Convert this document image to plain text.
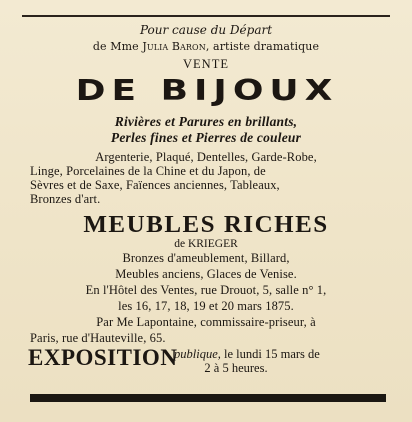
Pour cause du Départ
de Mme Julia Baron, artiste dramatique
VENTE
DE BIJOUX
Rivières et Parures en brillants,
Perles fines et Pierres de couleur
Argenterie, Plaqué, Dentelles, Garde-Robe,
Linge, Porcelaines de la Chine et du Japon, de
Sèvres et de Saxe, Faïences anciennes, Tableaux,
Bronzes d'art.
MEUBLES RICHES
de KRIEGER
Bronzes d'ameublement, Billard,
Meubles anciens, Glaces de Venise.
En l'Hôtel des Ventes, rue Drouot, 5, salle n° 1,
les 16, 17, 18, 19 et 20 mars 1875.
Par Me Lapontaine, commissaire-priseur, à
Paris, rue d'Hauteville, 65.
EXPOSITION
publique, le lundi 15 mars de
2 à 5 heures.
